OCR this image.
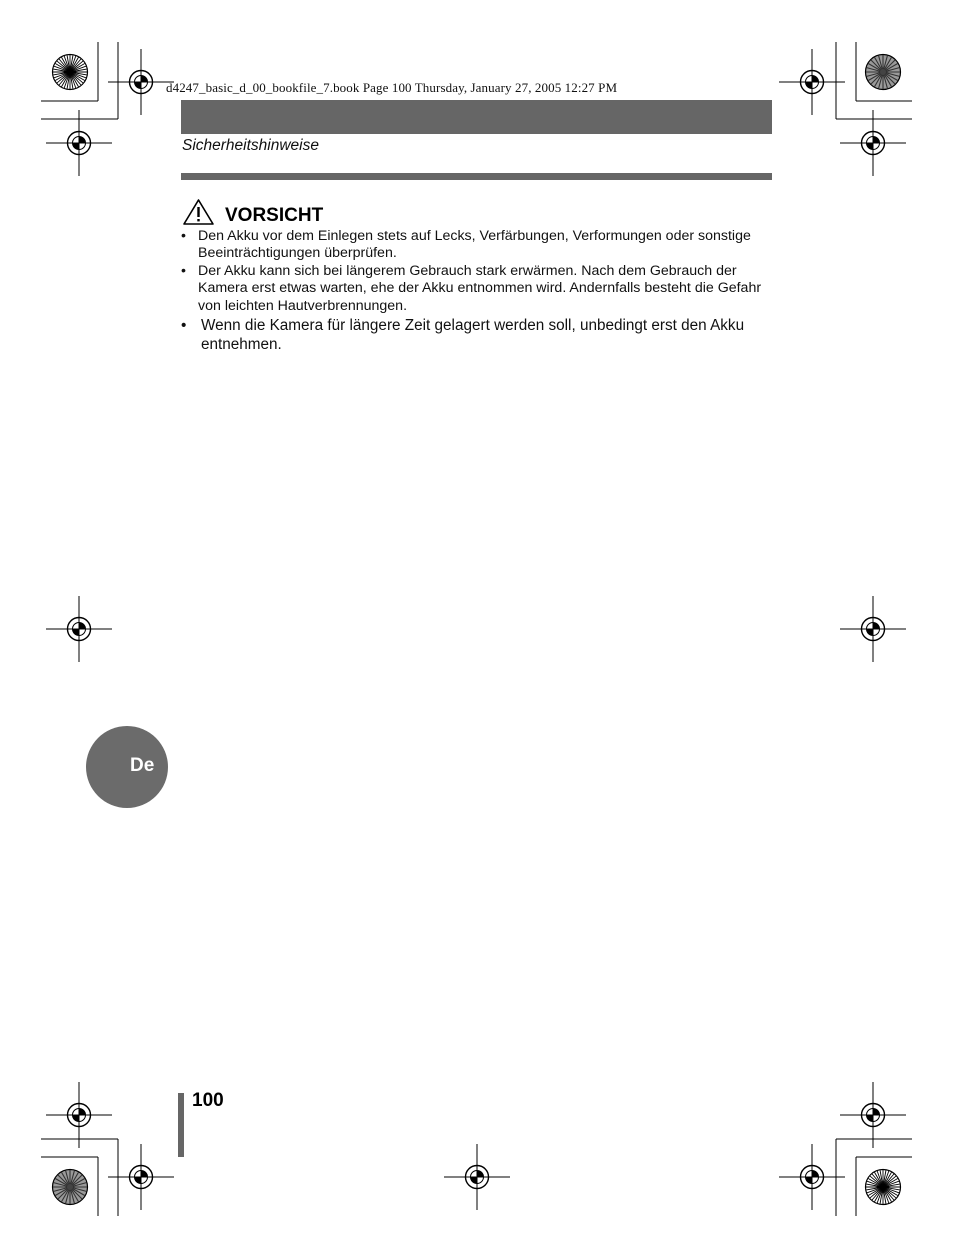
d4247_basic_d_00_bookfile_7.book Page 100 Thursday, January 27, 2005 12:27 PM
Sicherheitshinweise
VORSICHT
• Den Akku vor dem Einlegen stets auf Lecks, Verfärbungen, Verformungen oder sonstige Beeinträchtigungen überprüfen.
• Der Akku kann sich bei längerem Gebrauch stark erwärmen. Nach dem Gebrauch der Kamera erst etwas warten, ehe der Akku entnommen wird. Andernfalls besteht die Gefahr von leichten Hautverbrennungen.
• Wenn die Kamera für längere Zeit gelagert werden soll, unbedingt erst den Akku entnehmen.
De
100
